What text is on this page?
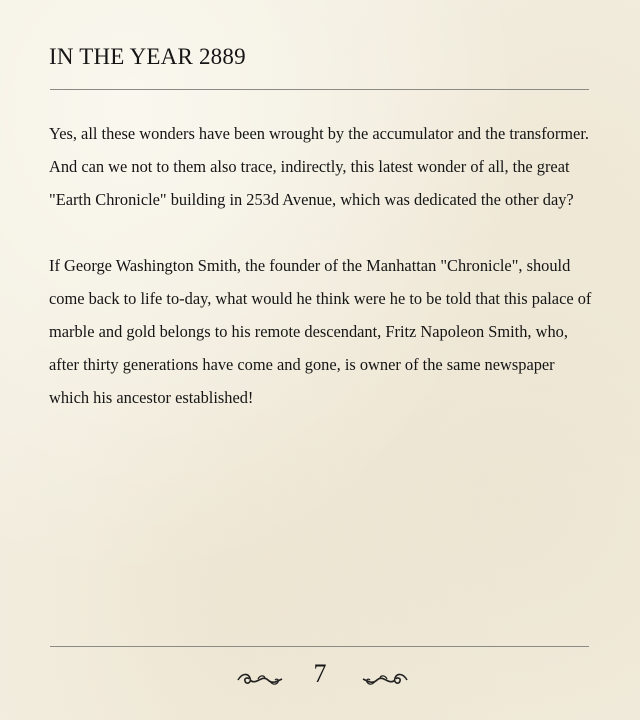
IN THE YEAR 2889

Yes, all these wonders have been wrought by the accumulator and the transformer. And can we not to them also trace, indirectly, this latest wonder of all, the great "Earth Chronicle" building in 253d Avenue, which was dedicated the other day?

If George Washington Smith, the founder of the Manhattan "Chronicle", should come back to life to-day, what would he think were he to be told that this palace of marble and gold belongs to his remote descendant, Fritz Napoleon Smith, who, after thirty generations have come and gone, is owner of the same newspaper which his ancestor established!

7
